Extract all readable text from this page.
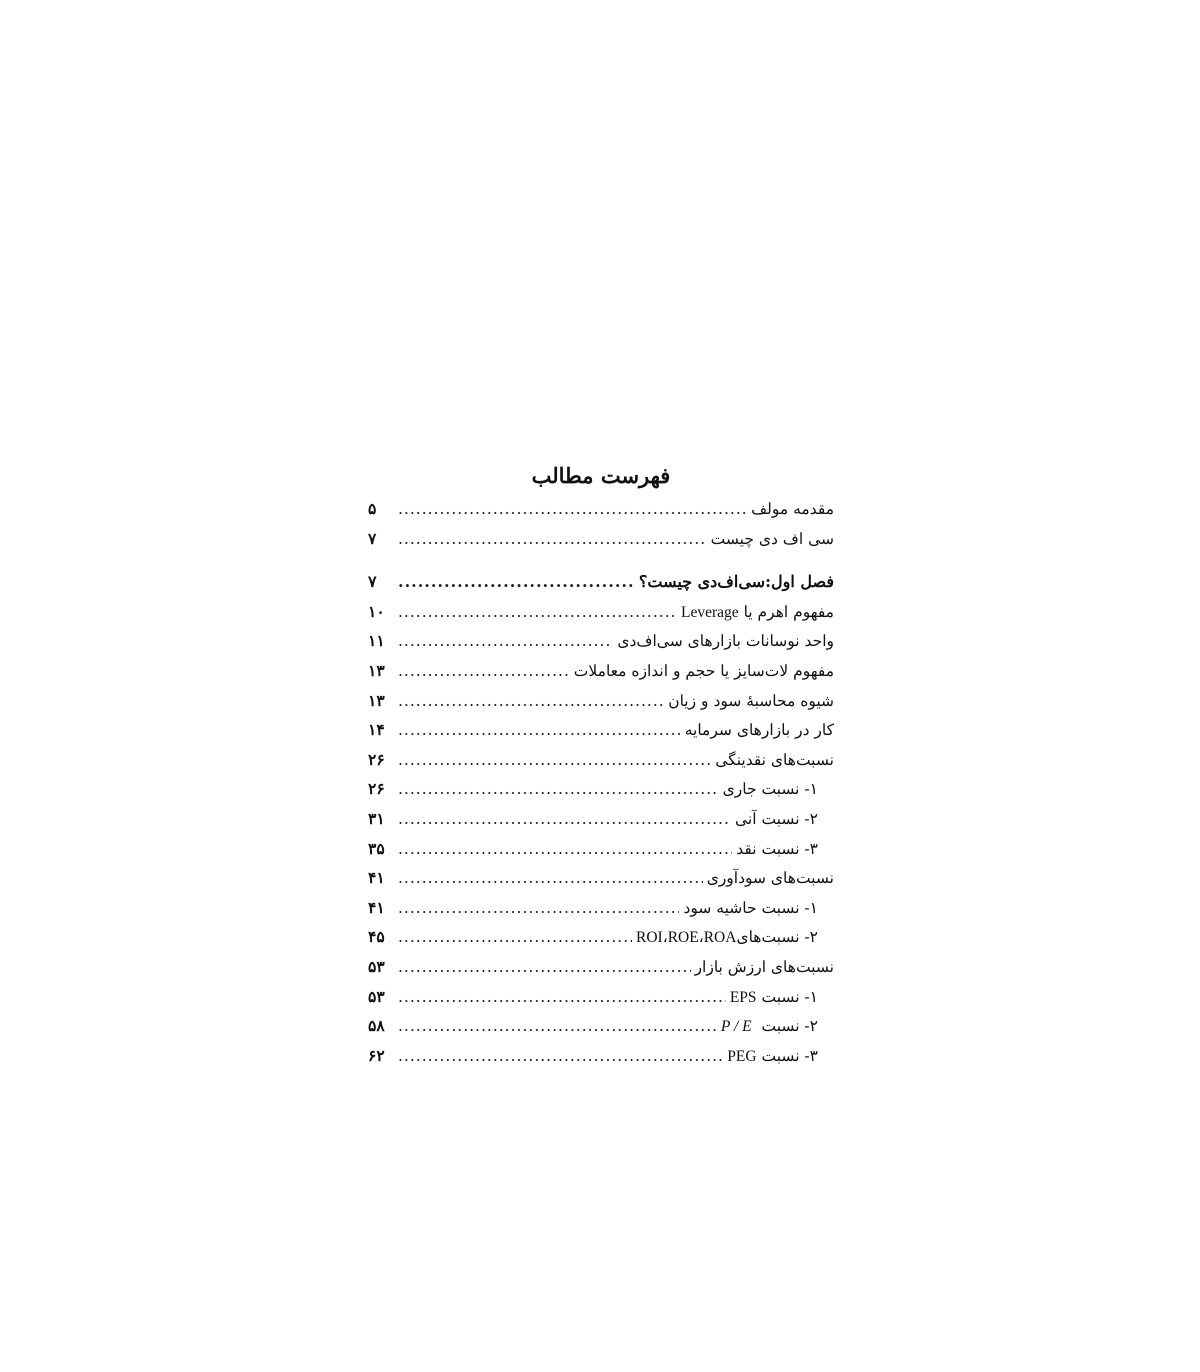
فهرست مطالب
مقدمه مولف
.....
۵
سی اف دی چیست
.....
۷
فصل اول:سی‌اف‌دی چیست؟
.....
۷
مفهوم اهرم یا Leverage
.....
۱۰
واحد نوسانات بازارهای سی‌اف‌دی
.....
۱۱
مفهوم لات‌سایز یا حجم و اندازه معاملات
.....
۱۳
شیوه محاسبهٔ سود و زیان
.....
۱۳
کار در بازارهای سرمایه
.....
۱۴
نسبت‌های نقدینگی
.....
۲۶
۱- نسبت جاری
.....
۲۶
۲- نسبت آنی
.....
۳۱
۳- نسبت نقد
.....
۳۵
نسبت‌های سودآوری
.....
۴۱
۱- نسبت حاشیه سود
.....
۴۱
۲- نسبت‌هایROI،ROE،ROA
.....
۴۵
نسبت‌های ارزش بازار
.....
۵۳
۱- نسبت EPS
.....
۵۳
۲- نسبت  P / E
.....
۵۸
۳- نسبت PEG
.....
۶۲
